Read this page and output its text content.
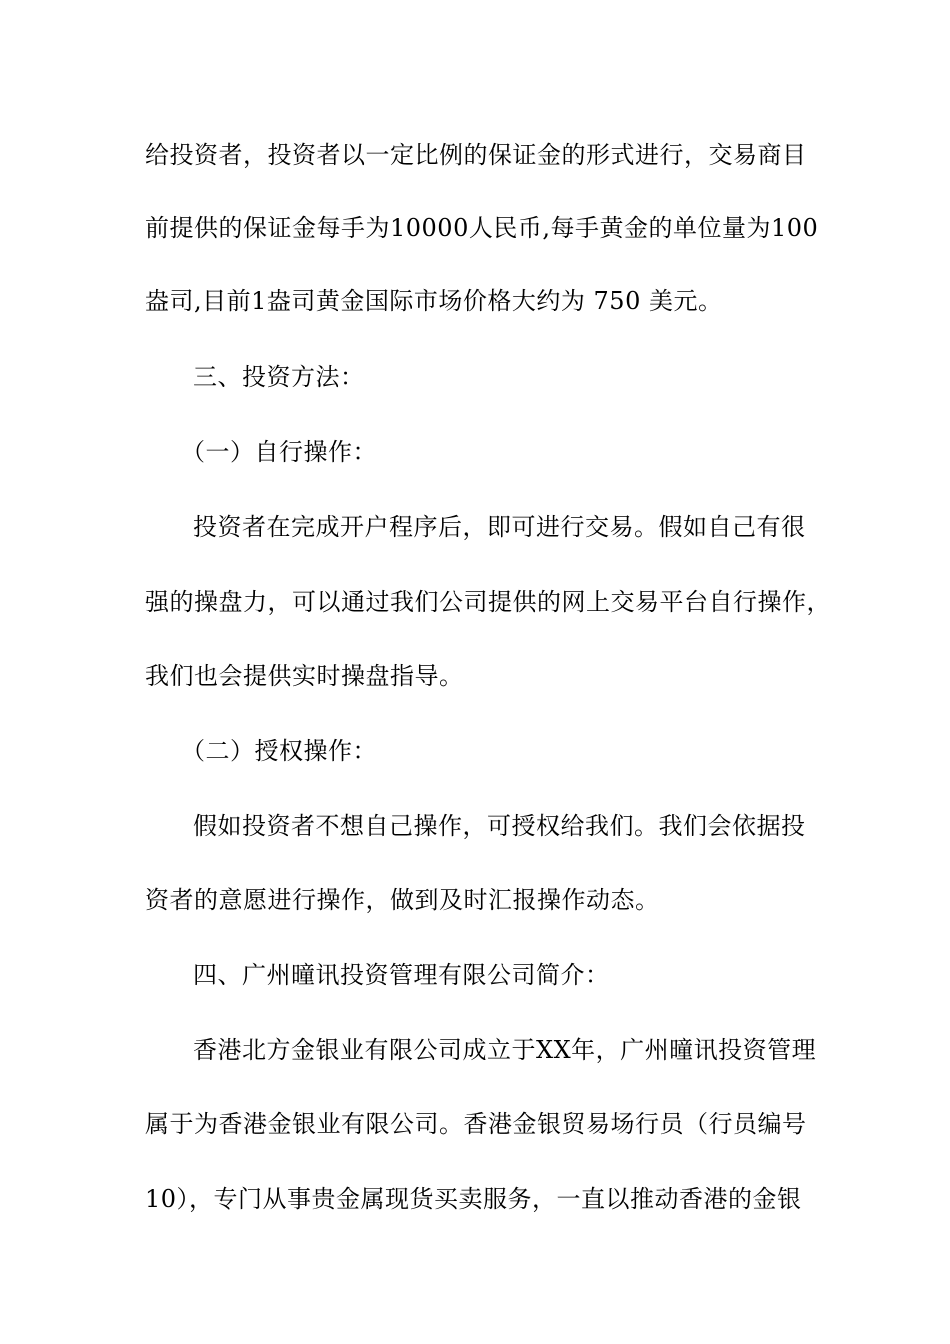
给投资者，投资者以一定比例的保证金的形式进行，交易商目
前提供的保证金每手为10000人民币,每手黄金的单位量为100
盎司,目前1盎司黄金国际市场价格大约为 750 美元。
三、投资方法：
（一）自行操作：
投资者在完成开户程序后，即可进行交易。假如自己有很
强的操盘力，可以通过我们公司提供的网上交易平台自行操作，
我们也会提供实时操盘指导。
（二）授权操作：
假如投资者不想自己操作，可授权给我们。我们会依据投
资者的意愿进行操作，做到及时汇报操作动态。
四、广州曈讯投资管理有限公司简介：
香港北方金银业有限公司成立于XX年，广州曈讯投资管理
属于为香港金银业有限公司。香港金银贸易场行员（行员编号
10），专门从事贵金属现货买卖服务，一直以推动香港的金银
